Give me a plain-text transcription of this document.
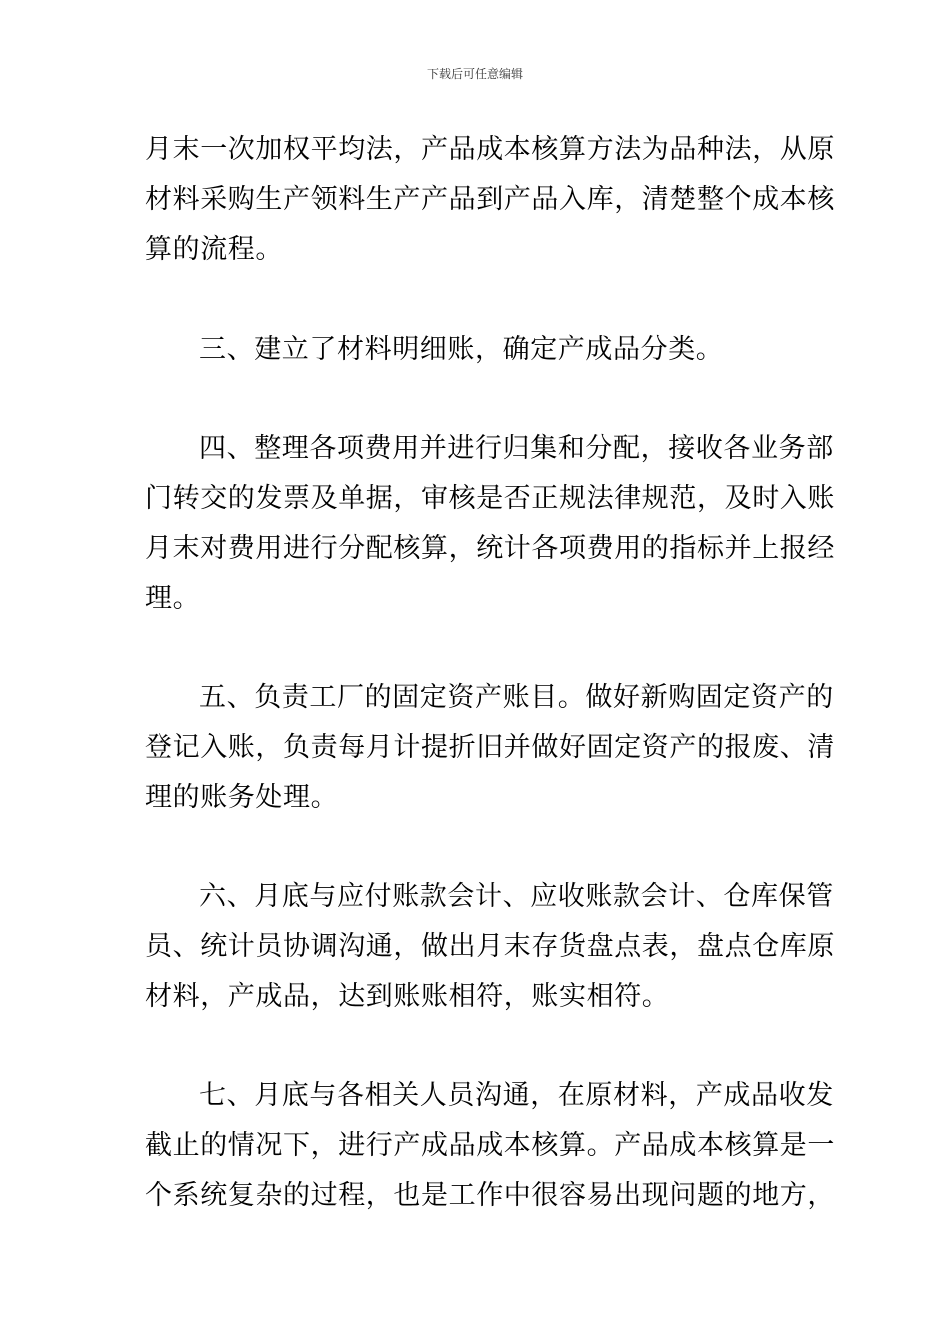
下载后可任意编辑
月末一次加权平均法，产品成本核算方法为品种法，从原
材料采购生产领料生产产品到产品入库，清楚整个成本核
算的流程。
三、建立了材料明细账，确定产成品分类。
四、整理各项费用并进行归集和分配，接收各业务部
门转交的发票及单据，审核是否正规法律规范，及时入账
月末对费用进行分配核算，统计各项费用的指标并上报经
理。
五、负责工厂的固定资产账目。做好新购固定资产的
登记入账，负责每月计提折旧并做好固定资产的报废、清
理的账务处理。
六、月底与应付账款会计、应收账款会计、仓库保管
员、统计员协调沟通，做出月末存货盘点表，盘点仓库原
材料，产成品，达到账账相符，账实相符。
七、月底与各相关人员沟通，在原材料，产成品收发
截止的情况下，进行产成品成本核算。产品成本核算是一
个系统复杂的过程，也是工作中很容易出现问题的地方，
